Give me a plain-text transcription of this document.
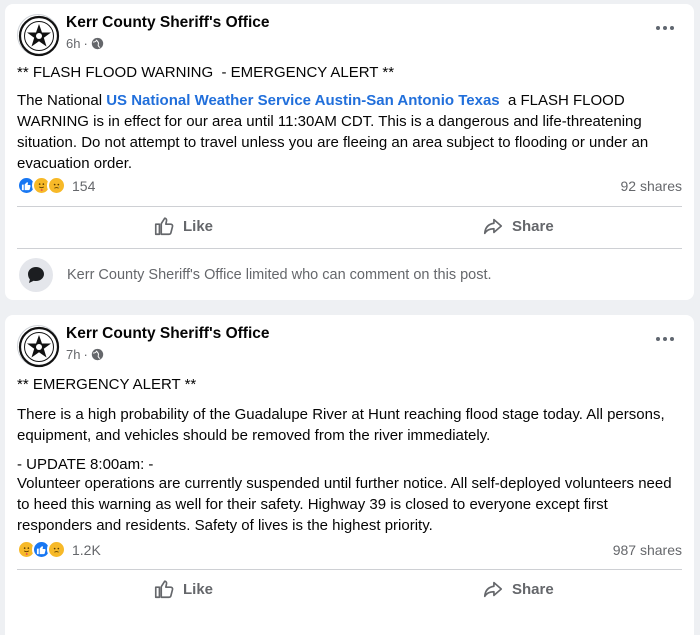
Kerr County Sheriff's Office
6h ·
** FLASH FLOOD WARNING  - EMERGENCY ALERT **
The National US National Weather Service Austin-San Antonio Texas  a FLASH FLOOD WARNING is in effect for our area until 11:30AM CDT. This is a dangerous and life-threatening situation. Do not attempt to travel unless you are fleeing an area subject to flooding or under an evacuation order.
154	92 shares
Like	Share
Kerr County Sheriff's Office limited who can comment on this post.
Kerr County Sheriff's Office
7h ·
** EMERGENCY ALERT **
There is a high probability of the Guadalupe River at Hunt reaching flood stage today. All persons, equipment, and vehicles should be removed from the river immediately.
- UPDATE 8:00am: -
Volunteer operations are currently suspended until further notice. All self-deployed volunteers need to heed this warning as well for their safety. Highway 39 is closed to everyone except first responders and residents. Safety of lives is the highest priority.
1.2K	987 shares
Like	Share
